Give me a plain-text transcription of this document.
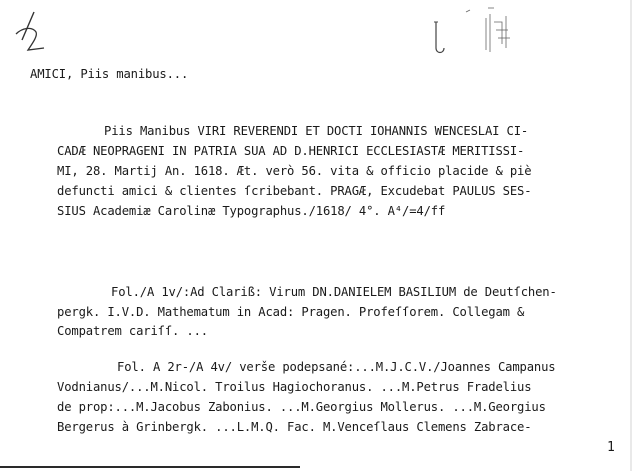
AMICI, Piis manibus...
Piis Manibus VIRI REVERENDI ET DOCTI IOHANNIS WENCESLAI CI-
CADÆ NEOPRAGENI IN PATRIA SUA AD D.HENRICI ECCLESIASTÆ MERITISSI-
MI, 28. Martij An. 1618. Æt. verò 56. vita & officio placide & piè
defuncti amici & clientes ſcribebant. PRAGÆ, Excudebat PAULUS SES-
SIUS Academiæ Carolinæ Typographus./1618/ 4°. A⁴/=4/ff
Fol./A 1v/:Ad Clariß: Virum DN.DANIELEM BASILIUM de Deutſchen-
pergk. I.V.D. Mathematum in Acad: Pragen. Profeſſorem. Collegam &
Compatrem cariſſ. ...
Fol. A 2r-/A 4v/ verše podepsané:...M.J.C.V./Joannes Campanus
Vodnianus/...M.Nicol. Troilus Hagiochoranus. ...M.Petrus Fradelius
de prop:...M.Jacobus Zabonius. ...M.Georgius Mollerus. ...M.Georgius
Bergerus à Grinbergk. ...L.M.Q. Fac. M.Venceſlaus Clemens Zabrace-
1
